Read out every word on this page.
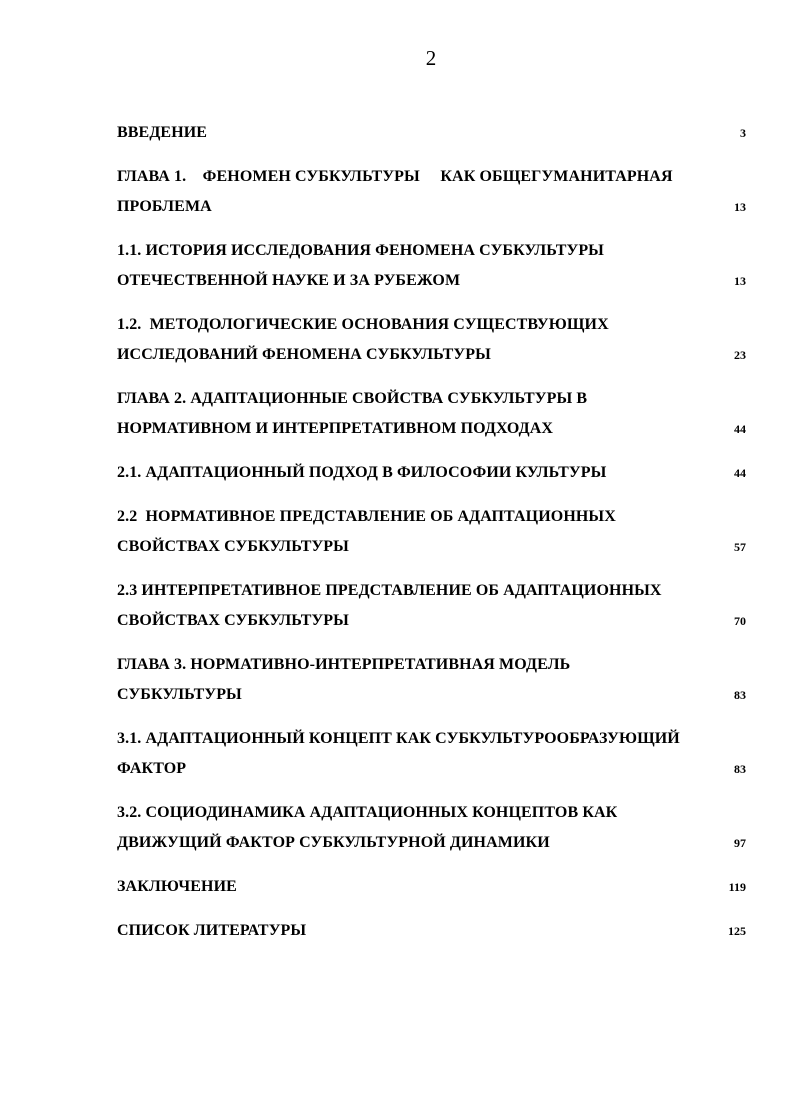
2
ВВЕДЕНИЕ	3
ГЛАВА 1.    ФЕНОМЕН СУБКУЛЬТУРЫ     КАК ОБЩЕГУМАНИТАРНАЯ
ПРОБЛЕМА	13
1.1. ИСТОРИЯ ИССЛЕДОВАНИЯ ФЕНОМЕНА СУБКУЛЬТУРЫ
ОТЕЧЕСТВЕННОЙ НАУКЕ И ЗА РУБЕЖОМ	13
1.2.  МЕТОДОЛОГИЧЕСКИЕ ОСНОВАНИЯ СУЩЕСТВУЮЩИХ
ИССЛЕДОВАНИЙ ФЕНОМЕНА СУБКУЛЬТУРЫ	23
ГЛАВА 2. АДАПТАЦИОННЫЕ СВОЙСТВА СУБКУЛЬТУРЫ В
НОРМАТИВНОМ И ИНТЕРПРЕТАТИВНОМ ПОДХОДАХ	44
2.1. АДАПТАЦИОННЫЙ ПОДХОД В ФИЛОСОФИИ КУЛЬТУРЫ	44
2.2  НОРМАТИВНОЕ ПРЕДСТАВЛЕНИЕ ОБ АДАПТАЦИОННЫХ
СВОЙСТВАХ СУБКУЛЬТУРЫ	57
2.3 ИНТЕРПРЕТАТИВНОЕ ПРЕДСТАВЛЕНИЕ ОБ АДАПТАЦИОННЫХ
СВОЙСТВАХ СУБКУЛЬТУРЫ	70
ГЛАВА 3. НОРМАТИВНО-ИНТЕРПРЕТАТИВНАЯ МОДЕЛЬ
СУБКУЛЬТУРЫ	83
3.1. АДАПТАЦИОННЫЙ КОНЦЕПТ КАК СУБКУЛЬТУРООБРАЗУЮЩИЙ
ФАКТОР	83
3.2. СОЦИОДИНАМИКА АДАПТАЦИОННЫХ КОНЦЕПТОВ КАК
ДВИЖУЩИЙ ФАКТОР СУБКУЛЬТУРНОЙ ДИНАМИКИ	97
ЗАКЛЮЧЕНИЕ	119
СПИСОК ЛИТЕРАТУРЫ	125
